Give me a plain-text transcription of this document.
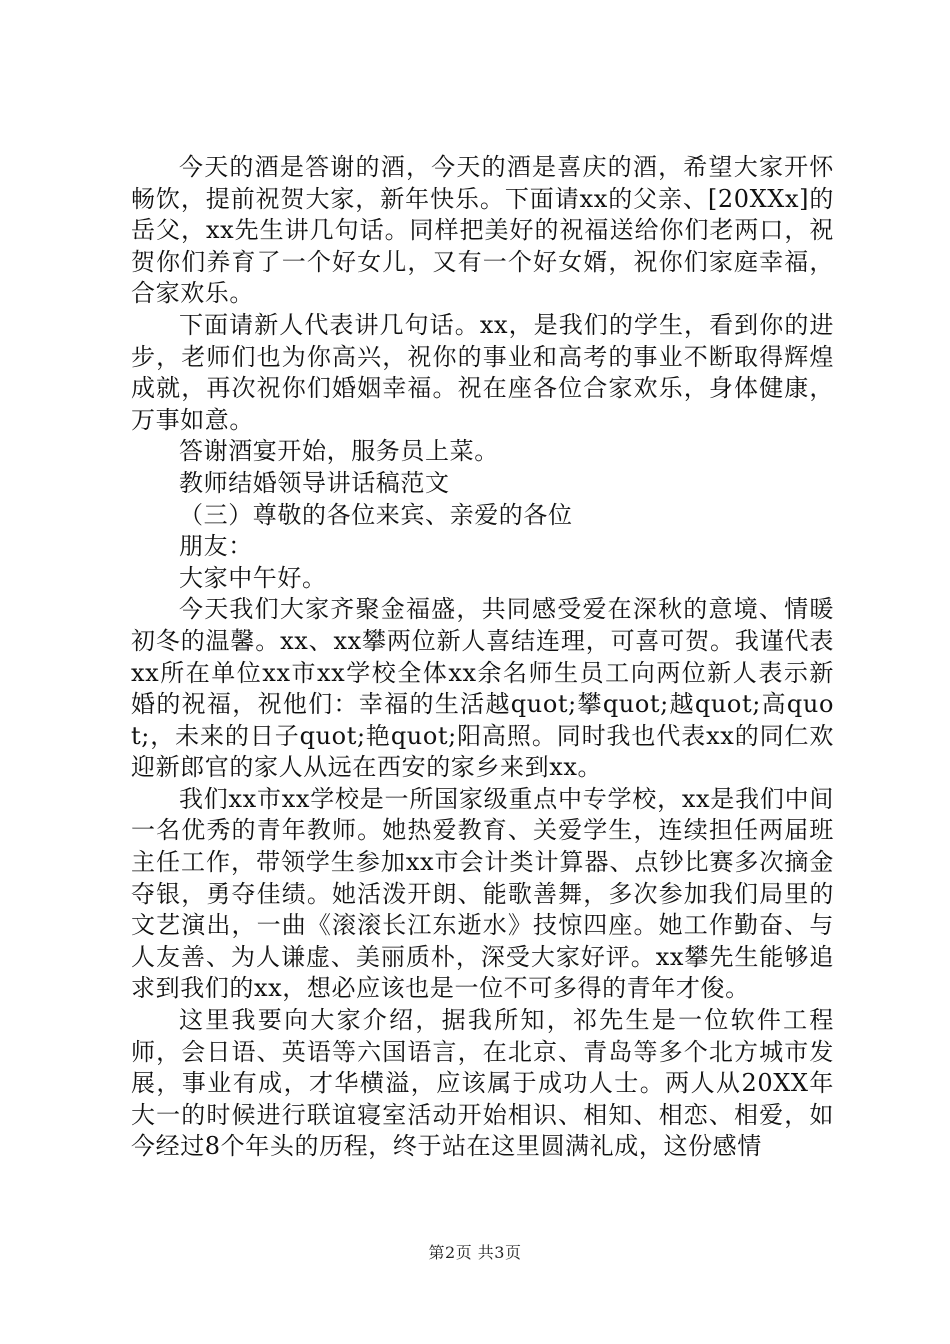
今天的酒是答谢的酒，今天的酒是喜庆的酒，希望大家开怀畅饮，提前祝贺大家，新年快乐。下面请xx的父亲、[20XXx]的岳父，xx先生讲几句话。同样把美好的祝福送给你们老两口，祝贺你们养育了一个好女儿，又有一个好女婿，祝你们家庭幸福，合家欢乐。

下面请新人代表讲几句话。xx，是我们的学生，看到你的进步，老师们也为你高兴，祝你的事业和高考的事业不断取得辉煌成就，再次祝你们婚姻幸福。祝在座各位合家欢乐，身体健康，万事如意。

答谢酒宴开始，服务员上菜。

教师结婚领导讲话稿范文

（三）尊敬的各位来宾、亲爱的各位

朋友：

大家中午好。

今天我们大家齐聚金福盛，共同感受爱在深秋的意境、情暖初冬的温馨。xx、xx攀两位新人喜结连理，可喜可贺。我谨代表xx所在单位xx市xx学校全体xx余名师生员工向两位新人表示新婚的祝福，祝他们：幸福的生活越quot;攀quot;越quot;高quot;，未来的日子quot;艳quot;阳高照。同时我也代表xx的同仁欢迎新郎官的家人从远在西安的家乡来到xx。

我们xx市xx学校是一所国家级重点中专学校，xx是我们中间一名优秀的青年教师。她热爱教育、关爱学生，连续担任两届班主任工作，带领学生参加xx市会计类计算器、点钞比赛多次摘金夺银，勇夺佳绩。她活泼开朗、能歌善舞，多次参加我们局里的文艺演出，一曲《滚滚长江东逝水》技惊四座。她工作勤奋、与人友善、为人谦虚、美丽质朴，深受大家好评。xx攀先生能够追求到我们的xx，想必应该也是一位不可多得的青年才俊。

这里我要向大家介绍，据我所知，祁先生是一位软件工程师，会日语、英语等六国语言，在北京、青岛等多个北方城市发展，事业有成，才华横溢，应该属于成功人士。两人从20XX年大一的时候进行联谊寝室活动开始相识、相知、相恋、相爱，如今经过8个年头的历程，终于站在这里圆满礼成，这份感情

第2页 共3页
